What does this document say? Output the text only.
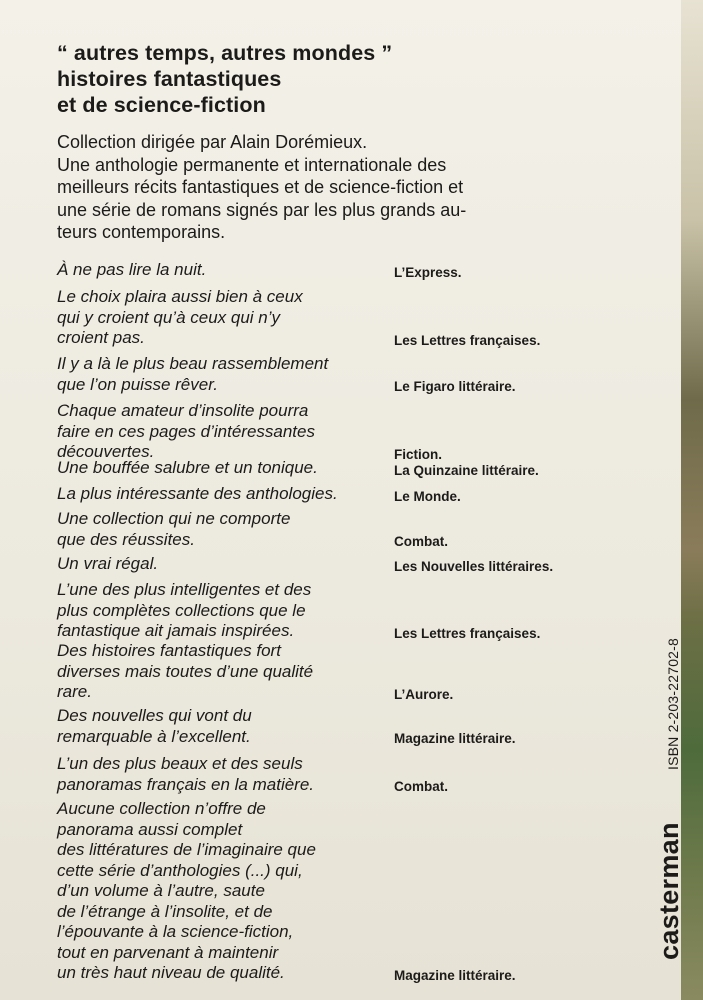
“ autres temps, autres mondes ”
histoires fantastiques
et de science-fiction
Collection dirigée par Alain Dorémieux.
Une anthologie permanente et internationale des
meilleurs récits fantastiques et de science-fiction et
une série de romans signés par les plus grands au-
teurs contemporains.
À ne pas lire la nuit.	L’Express.
Le choix plaira aussi bien à ceux
qui y croient qu’à ceux qui n’y
croient pas.	Les Lettres françaises.
Il y a là le plus beau rassemblement
que l’on puisse rêver.	Le Figaro littéraire.
Chaque amateur d’insolite pourra
faire en ces pages d’intéressantes
découvertes.	Fiction.
Une bouffée salubre et un tonique.	La Quinzaine littéraire.
La plus intéressante des anthologies.	Le Monde.
Une collection qui ne comporte
que des réussites.	Combat.
Un vrai régal.	Les Nouvelles littéraires.
L’une des plus intelligentes et des
plus complètes collections que le
fantastique ait jamais inspirées.	Les Lettres françaises.
Des histoires fantastiques fort
diverses mais toutes d’une qualité
rare.	L’Aurore.
Des nouvelles qui vont du
remarquable à l’excellent.	Magazine littéraire.
L’un des plus beaux et des seuls
panoramas français en la matière.	Combat.
Aucune collection n’offre de
panorama aussi complet
des littératures de l’imaginaire que
cette série d’anthologies (...) qui,
d’un volume à l’autre, saute
de l’étrange à l’insolite, et de
l’épouvante à la science-fiction,
tout en parvenant à maintenir
un très haut niveau de qualité.	Magazine littéraire.
ISBN 2-203-22702-8
casterman
